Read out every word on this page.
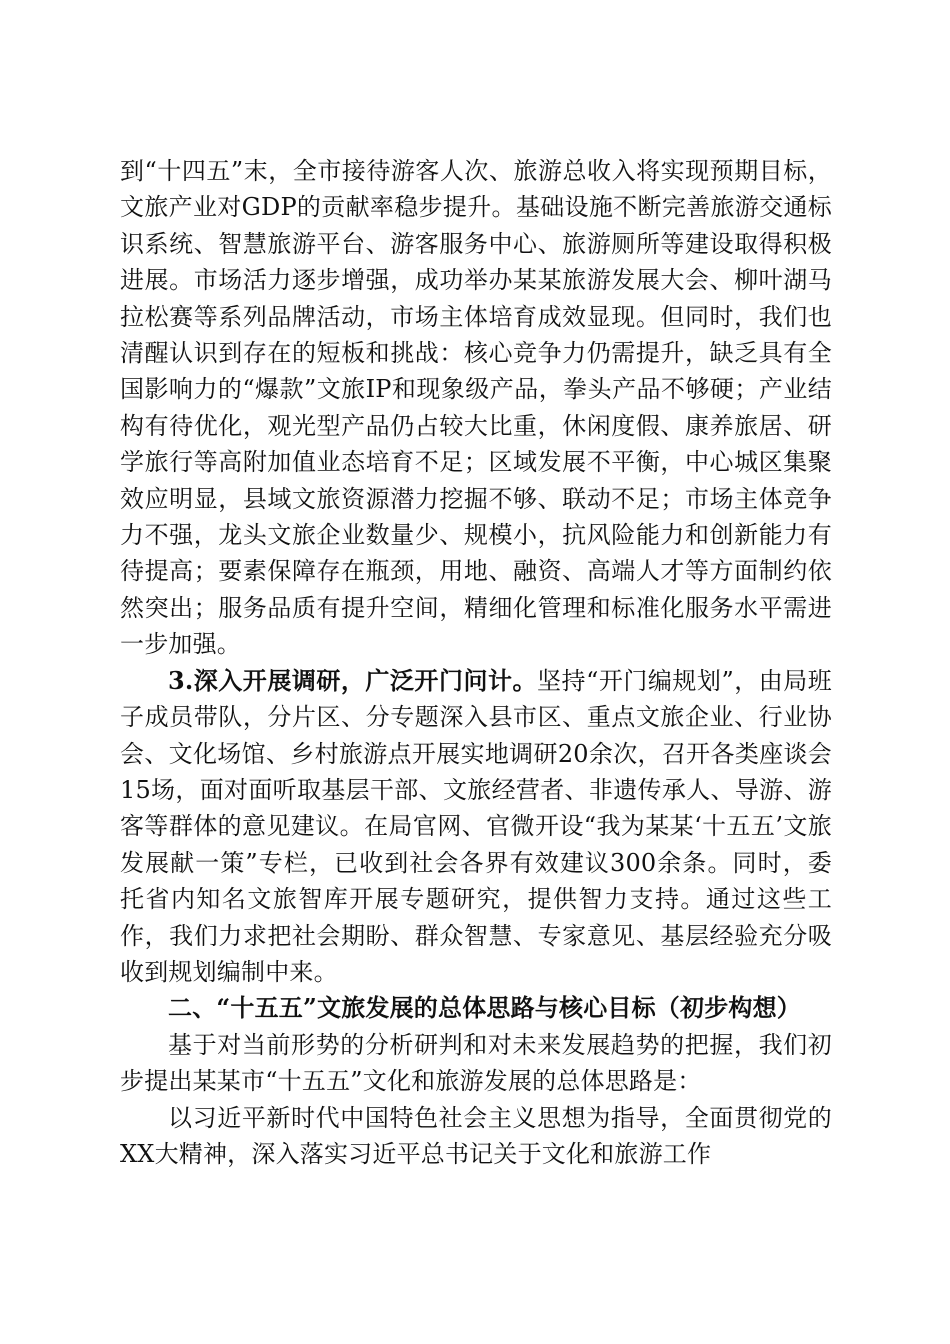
到“十四五”末，全市接待游客人次、旅游总收入将实现预期目标，文旅产业对GDP的贡献率稳步提升。基础设施不断完善旅游交通标识系统、智慧旅游平台、游客服务中心、旅游厕所等建设取得积极进展。市场活力逐步增强，成功举办某某旅游发展大会、柳叶湖马拉松赛等系列品牌活动，市场主体培育成效显现。但同时，我们也清醒认识到存在的短板和挑战：核心竞争力仍需提升，缺乏具有全国影响力的“爆款”文旅IP和现象级产品，拳头产品不够硬；产业结构有待优化，观光型产品仍占较大比重，休闲度假、康养旅居、研学旅行等高附加值业态培育不足；区域发展不平衡，中心城区集聚效应明显，县域文旅资源潜力挖掘不够、联动不足；市场主体竞争力不强，龙头文旅企业数量少、规模小，抗风险能力和创新能力有待提高；要素保障存在瓶颈，用地、融资、高端人才等方面制约依然突出；服务品质有提升空间，精细化管理和标准化服务水平需进一步加强。

3.深入开展调研，广泛开门问计。坚持“开门编规划”，由局班子成员带队，分片区、分专题深入县市区、重点文旅企业、行业协会、文化场馆、乡村旅游点开展实地调研20余次，召开各类座谈会15场，面对面听取基层干部、文旅经营者、非遗传承人、导游、游客等群体的意见建议。在局官网、官微开设“我为某某‘十五五’文旅发展献一策”专栏，已收到社会各界有效建议300余条。同时，委托省内知名文旅智库开展专题研究，提供智力支持。通过这些工作，我们力求把社会期盼、群众智慧、专家意见、基层经验充分吸收到规划编制中来。

二、“十五五”文旅发展的总体思路与核心目标（初步构想）

基于对当前形势的分析研判和对未来发展趋势的把握，我们初步提出某某市“十五五”文化和旅游发展的总体思路是：

以习近平新时代中国特色社会主义思想为指导，全面贯彻党的XX大精神，深入落实习近平总书记关于文化和旅游工作
